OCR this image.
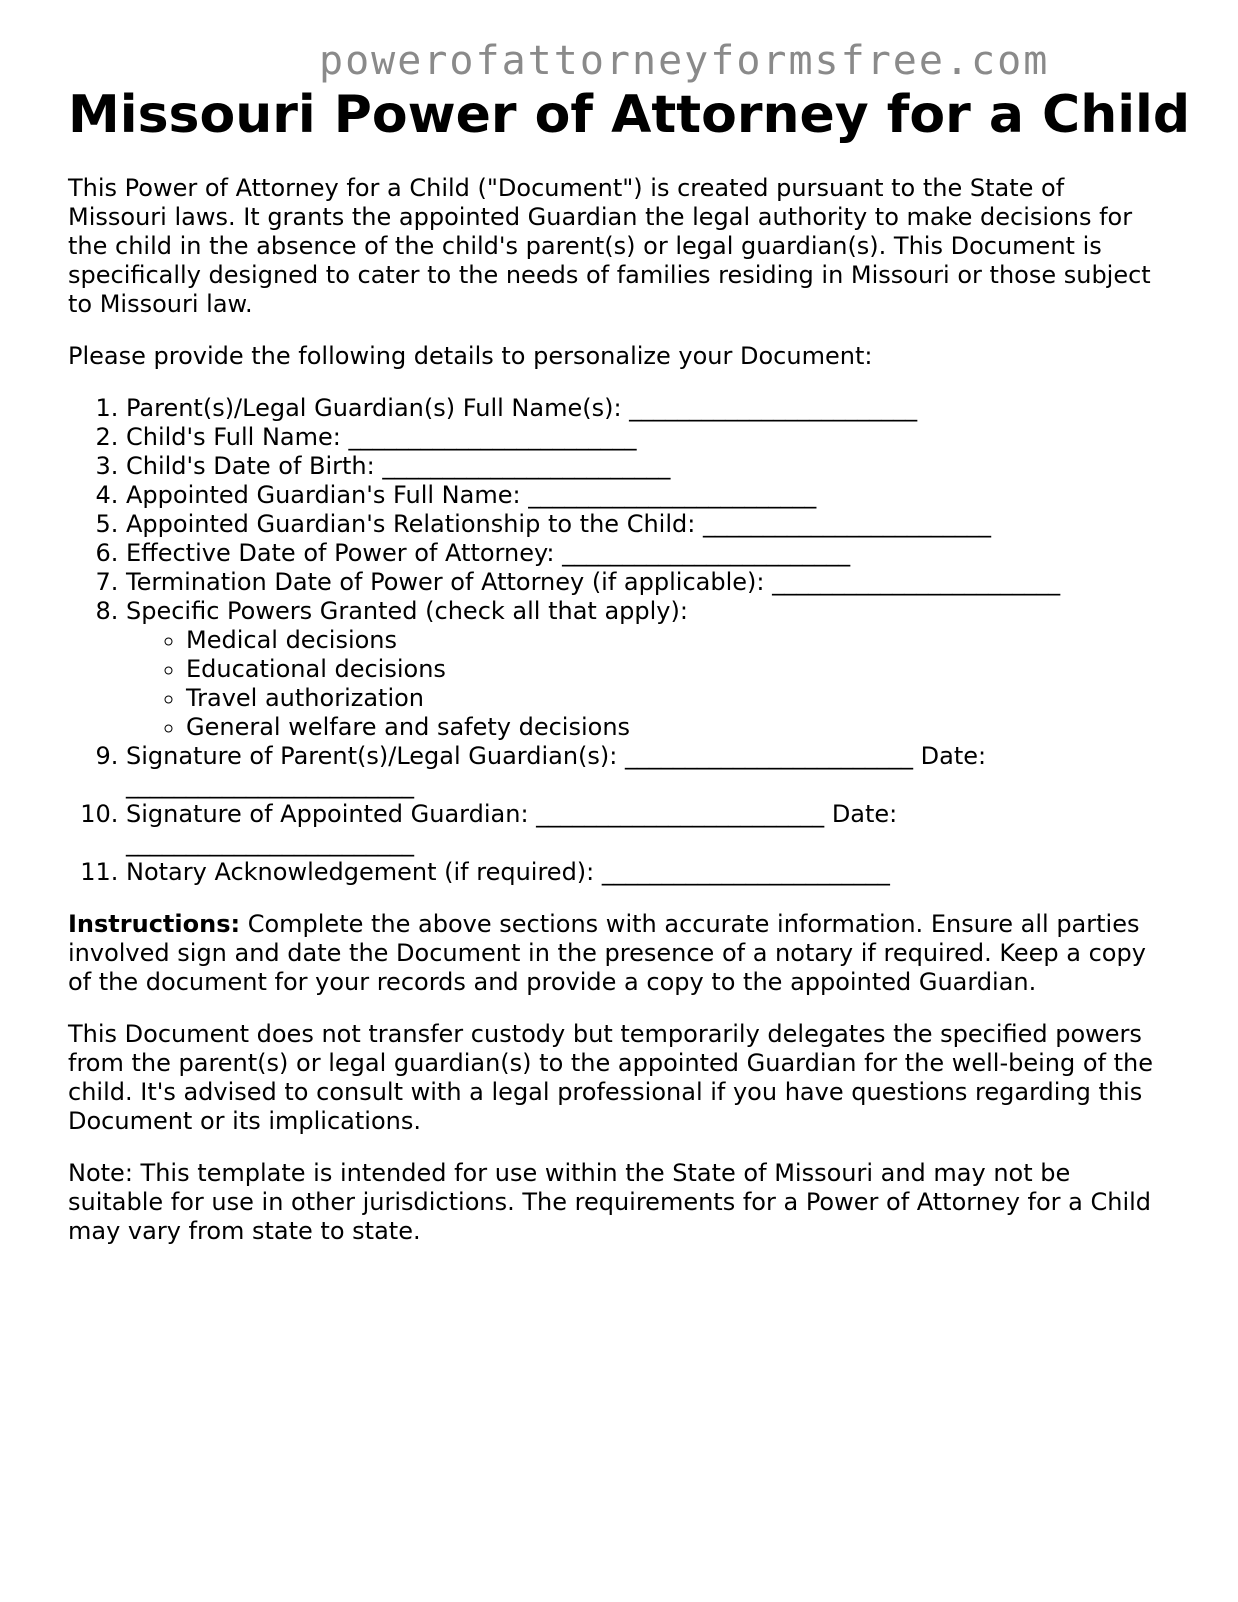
powerofattorneyformsfree.com
Missouri Power of Attorney for a Child

This Power of Attorney for a Child ("Document") is created pursuant to the State of Missouri laws. It grants the appointed Guardian the legal authority to make decisions for the child in the absence of the child's parent(s) or legal guardian(s). This Document is specifically designed to cater to the needs of families residing in Missouri or those subject to Missouri law.

Please provide the following details to personalize your Document:

1. Parent(s)/Legal Guardian(s) Full Name(s): ________________________
2. Child's Full Name: ________________________
3. Child's Date of Birth: ________________________
4. Appointed Guardian's Full Name: ________________________
5. Appointed Guardian's Relationship to the Child: ________________________
6. Effective Date of Power of Attorney: ________________________
7. Termination Date of Power of Attorney (if applicable): ________________________
8. Specific Powers Granted (check all that apply):
◦ Medical decisions
◦ Educational decisions
◦ Travel authorization
◦ General welfare and safety decisions
9. Signature of Parent(s)/Legal Guardian(s): ________________________ Date: ________________________
10. Signature of Appointed Guardian: ________________________ Date: ________________________
11. Notary Acknowledgement (if required): ________________________

Instructions: Complete the above sections with accurate information. Ensure all parties involved sign and date the Document in the presence of a notary if required. Keep a copy of the document for your records and provide a copy to the appointed Guardian.

This Document does not transfer custody but temporarily delegates the specified powers from the parent(s) or legal guardian(s) to the appointed Guardian for the well-being of the child. It's advised to consult with a legal professional if you have questions regarding this Document or its implications.

Note: This template is intended for use within the State of Missouri and may not be suitable for use in other jurisdictions. The requirements for a Power of Attorney for a Child may vary from state to state.
